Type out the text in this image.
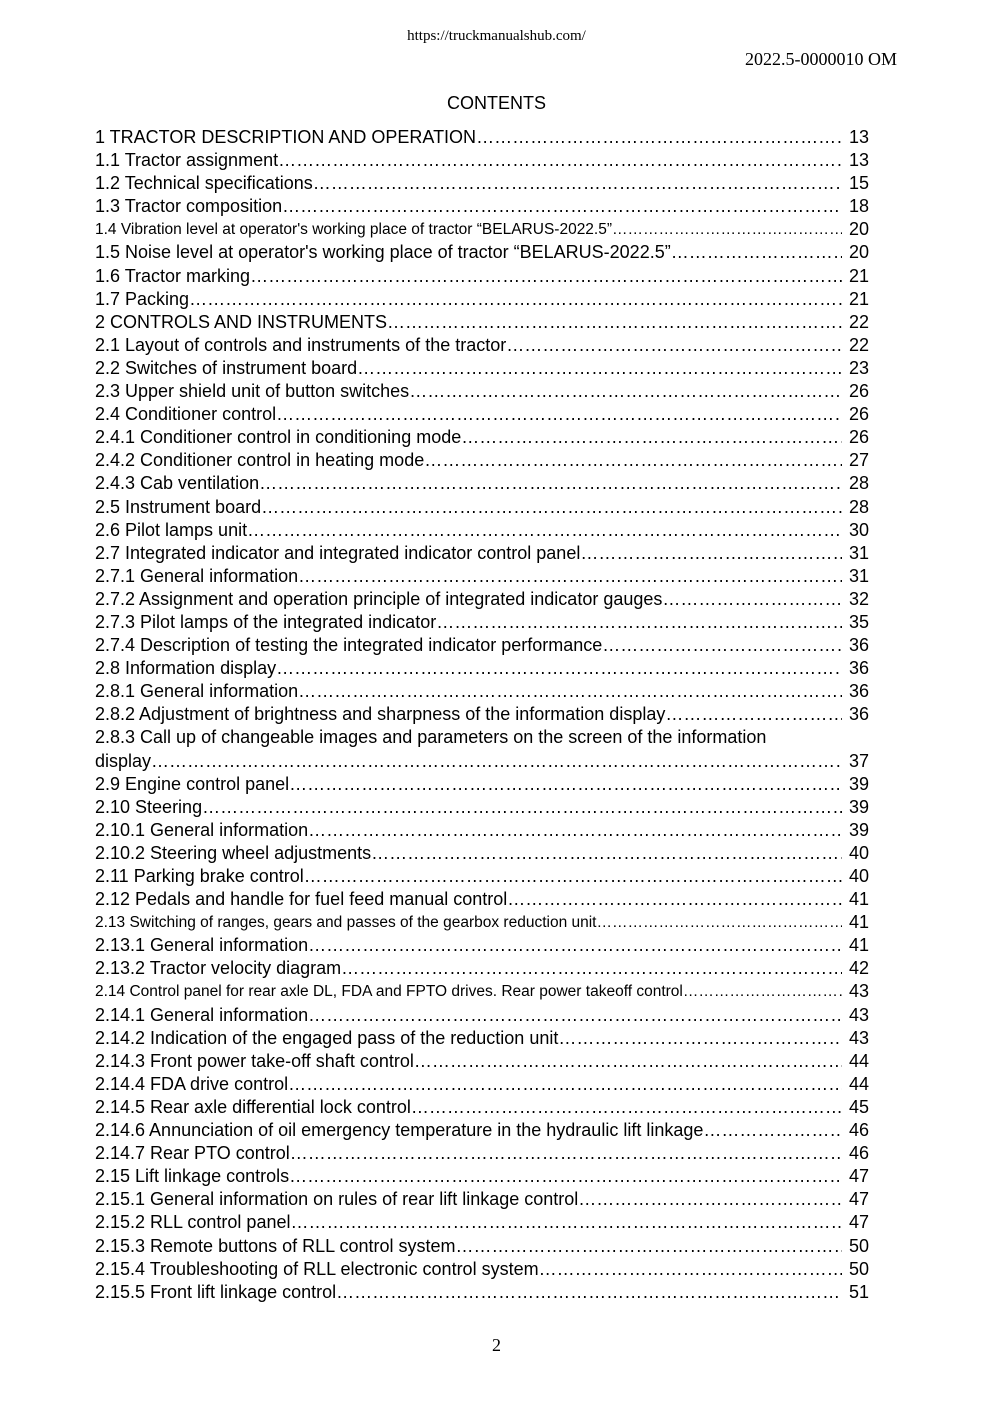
https://truckmanualshub.com/
2022.5-0000010 OM
CONTENTS
1 TRACTOR DESCRIPTION AND OPERATION ……………………………………………………………………………………………………………………………………………………………………………………………………	13
1.1 Tractor assignment ……………………………………………………………………………………………………………………………………………………………………………………………………	13
1.2 Technical specifications ……………………………………………………………………………………………………………………………………………………………………………………………………	15
1.3 Tractor composition ……………………………………………………………………………………………………………………………………………………………………………………………………	18
1.4 Vibration level at operator's working place of tractor “BELARUS-2022.5” ……………………………………………………………………………………………………………………………………………………………………………………………………	20
1.5 Noise level at operator's working place of tractor “BELARUS-2022.5” ……………………………………………………………………………………………………………………………………………………………………………………………………	20
1.6 Tractor marking ……………………………………………………………………………………………………………………………………………………………………………………………………	21
1.7 Packing ……………………………………………………………………………………………………………………………………………………………………………………………………	21
2 CONTROLS AND INSTRUMENTS ……………………………………………………………………………………………………………………………………………………………………………………………………	22
2.1 Layout of controls and instruments of the tractor ……………………………………………………………………………………………………………………………………………………………………………………………………	22
2.2 Switches of instrument board ……………………………………………………………………………………………………………………………………………………………………………………………………	23
2.3 Upper shield unit of button switches ……………………………………………………………………………………………………………………………………………………………………………………………………	26
2.4 Conditioner control ……………………………………………………………………………………………………………………………………………………………………………………………………	26
2.4.1 Conditioner control in conditioning mode ……………………………………………………………………………………………………………………………………………………………………………………………………	26
2.4.2 Conditioner control in heating mode ……………………………………………………………………………………………………………………………………………………………………………………………………	27
2.4.3 Cab ventilation ……………………………………………………………………………………………………………………………………………………………………………………………………	28
2.5 Instrument board ……………………………………………………………………………………………………………………………………………………………………………………………………	28
2.6 Pilot lamps unit ……………………………………………………………………………………………………………………………………………………………………………………………………	30
2.7 Integrated indicator and integrated indicator control panel ……………………………………………………………………………………………………………………………………………………………………………………………………	31
2.7.1 General information ……………………………………………………………………………………………………………………………………………………………………………………………………	31
2.7.2 Assignment and operation principle of integrated indicator gauges ……………………………………………………………………………………………………………………………………………………………………………………………………	32
2.7.3 Pilot lamps of the integrated indicator ……………………………………………………………………………………………………………………………………………………………………………………………………	35
2.7.4 Description of testing the integrated indicator performance ……………………………………………………………………………………………………………………………………………………………………………………………………	36
2.8 Information display ……………………………………………………………………………………………………………………………………………………………………………………………………	36
2.8.1 General information ……………………………………………………………………………………………………………………………………………………………………………………………………	36
2.8.2 Adjustment of brightness and sharpness of the information display ……………………………………………………………………………………………………………………………………………………………………………………………………	36
2.8.3 Call up of changeable images and parameters on the screen of the information
display ……………………………………………………………………………………………………………………………………………………………………………………………………	37
2.9 Engine control panel ……………………………………………………………………………………………………………………………………………………………………………………………………	39
2.10 Steering ……………………………………………………………………………………………………………………………………………………………………………………………………	39
2.10.1 General information ……………………………………………………………………………………………………………………………………………………………………………………………………	39
2.10.2 Steering wheel adjustments ……………………………………………………………………………………………………………………………………………………………………………………………………	40
2.11 Parking brake control ……………………………………………………………………………………………………………………………………………………………………………………………………	40
2.12 Pedals and handle for fuel feed manual control ……………………………………………………………………………………………………………………………………………………………………………………………………	41
2.13 Switching of ranges, gears and passes of the gearbox reduction unit ……………………………………………………………………………………………………………………………………………………………………………………………………	41
2.13.1 General information ……………………………………………………………………………………………………………………………………………………………………………………………………	41
2.13.2 Tractor velocity diagram ……………………………………………………………………………………………………………………………………………………………………………………………………	42
2.14 Control panel for rear axle DL, FDA and FPTO drives. Rear power takeoff control ……………………………………………………………………………………………………………………………………………………………………………………………………	43
2.14.1 General information ……………………………………………………………………………………………………………………………………………………………………………………………………	43
2.14.2 Indication of the engaged pass of the reduction unit ……………………………………………………………………………………………………………………………………………………………………………………………………	43
2.14.3 Front power take-off shaft control ……………………………………………………………………………………………………………………………………………………………………………………………………	44
2.14.4 FDA drive control ……………………………………………………………………………………………………………………………………………………………………………………………………	44
2.14.5 Rear axle differential lock control ……………………………………………………………………………………………………………………………………………………………………………………………………	45
2.14.6 Annunciation of oil emergency temperature in the hydraulic lift linkage ……………………………………………………………………………………………………………………………………………………………………………………………………	46
2.14.7 Rear PTO control ……………………………………………………………………………………………………………………………………………………………………………………………………	46
2.15 Lift linkage controls ……………………………………………………………………………………………………………………………………………………………………………………………………	47
2.15.1 General information on rules of rear lift linkage control ……………………………………………………………………………………………………………………………………………………………………………………………………	47
2.15.2 RLL control panel ……………………………………………………………………………………………………………………………………………………………………………………………………	47
2.15.3 Remote buttons of RLL control system ……………………………………………………………………………………………………………………………………………………………………………………………………	50
2.15.4 Troubleshooting of RLL electronic control system ……………………………………………………………………………………………………………………………………………………………………………………………………	50
2.15.5 Front lift linkage control ……………………………………………………………………………………………………………………………………………………………………………………………………	51
2
